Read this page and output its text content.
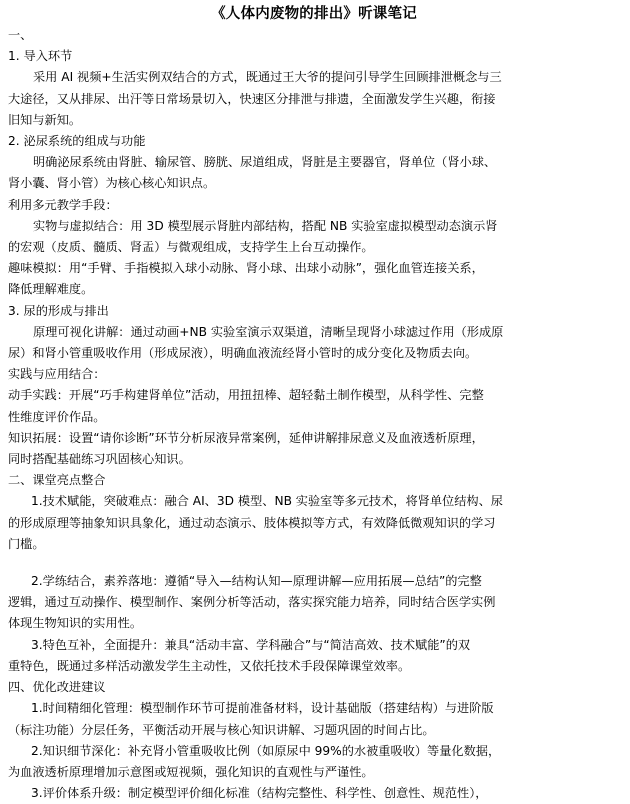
《人体内废物的排出》听课笔记
一、
1. 导入环节
采用 AI 视频+生活实例双结合的方式，既通过王大爷的提问引导学生回顾排泄概念与三
大途径，又从排尿、出汗等日常场景切入，快速区分排泄与排遗，全面激发学生兴趣，衔接
旧知与新知。
2. 泌尿系统的组成与功能
明确泌尿系统由肾脏、输尿管、膀胱、尿道组成，肾脏是主要器官，肾单位（肾小球、
肾小囊、肾小管）为核心核心知识点。
利用多元教学手段：
实物与虚拟结合：用 3D 模型展示肾脏内部结构，搭配 NB 实验室虚拟模型动态演示肾
的宏观（皮质、髓质、肾盂）与微观组成，支持学生上台互动操作。
趣味模拟：用“手臂、手指模拟入球小动脉、肾小球、出球小动脉”，强化血管连接关系，
降低理解难度。
3. 尿的形成与排出
原理可视化讲解：通过动画+NB 实验室演示双渠道，清晰呈现肾小球滤过作用（形成原
尿）和肾小管重吸收作用（形成尿液），明确血液流经肾小管时的成分变化及物质去向。
实践与应用结合：
动手实践：开展“巧手构建肾单位”活动，用扭扭棒、超轻黏土制作模型，从科学性、完整
性维度评价作品。
知识拓展：设置“请你诊断”环节分析尿液异常案例，延伸讲解排尿意义及血液透析原理，
同时搭配基础练习巩固核心知识。
二、课堂亮点整合
1.技术赋能，突破难点：融合 AI、3D 模型、NB 实验室等多元技术，将肾单位结构、尿
的形成原理等抽象知识具象化，通过动态演示、肢体模拟等方式，有效降低微观知识的学习
门槛。
2.学练结合，素养落地：遵循“导入—结构认知—原理讲解—应用拓展—总结”的完整
逻辑，通过互动操作、模型制作、案例分析等活动，落实探究能力培养，同时结合医学实例
体现生物知识的实用性。
3.特色互补，全面提升：兼具“活动丰富、学科融合”与“简洁高效、技术赋能”的双
重特色，既通过多样活动激发学生主动性，又依托技术手段保障课堂效率。
四、优化改进建议
1.时间精细化管理：模型制作环节可提前准备材料，设计基础版（搭建结构）与进阶版
（标注功能）分层任务，平衡活动开展与核心知识讲解、习题巩固的时间占比。
2.知识细节深化：补充肾小管重吸收比例（如原尿中 99%的水被重吸收）等量化数据，
为血液透析原理增加示意图或短视频，强化知识的直观性与严谨性。
3.评价体系升级：制定模型评价细化标准（结构完整性、科学性、创意性、规范性），
